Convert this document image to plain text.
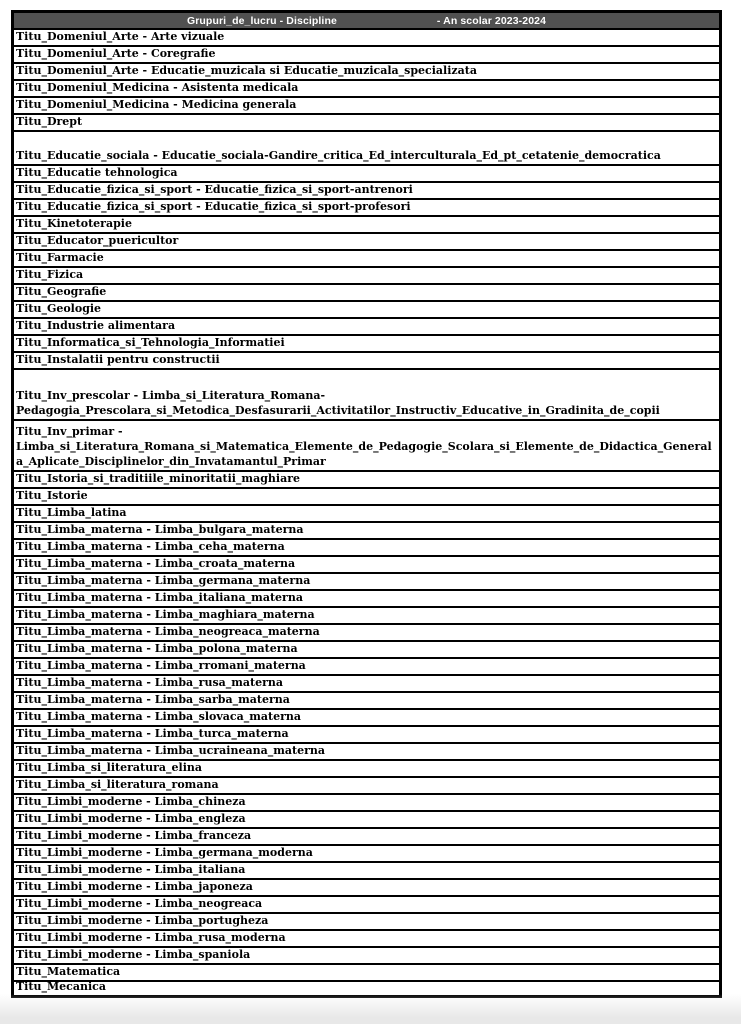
Grupuri_de_lucru - Discipline	- An scolar 2023-2024
Titu_Domeniul_Arte - Arte vizuale
Titu_Domeniul_Arte - Coregrafie
Titu_Domeniul_Arte - Educatie_muzicala si Educatie_muzicala_specializata
Titu_Domeniul_Medicina - Asistenta medicala
Titu_Domeniul_Medicina - Medicina generala
Titu_Drept
Titu_Educatie_sociala - Educatie_sociala-Gandire_critica_Ed_interculturala_Ed_pt_cetatenie_democratica
Titu_Educatie tehnologica
Titu_Educatie_fizica_si_sport - Educatie_fizica_si_sport-antrenori
Titu_Educatie_fizica_si_sport - Educatie_fizica_si_sport-profesori
Titu_Kinetoterapie
Titu_Educator_puericultor
Titu_Farmacie
Titu_Fizica
Titu_Geografie
Titu_Geologie
Titu_Industrie alimentara
Titu_Informatica_si_Tehnologia_Informatiei
Titu_Instalatii pentru constructii
Titu_Inv_prescolar - Limba_si_Literatura_Romana-Pedagogia_Prescolara_si_Metodica_Desfasurarii_Activitatilor_Instructiv_Educative_in_Gradinita_de_copii
Titu_Inv_primar - Limba_si_Literatura_Romana_si_Matematica_Elemente_de_Pedagogie_Scolara_si_Elemente_de_Didactica_Generala_Aplicate_Disciplinelor_din_Invatamantul_Primar
Titu_Istoria_si_traditiile_minoritatii_maghiare
Titu_Istorie
Titu_Limba_latina
Titu_Limba_materna - Limba_bulgara_materna
Titu_Limba_materna - Limba_ceha_materna
Titu_Limba_materna - Limba_croata_materna
Titu_Limba_materna - Limba_germana_materna
Titu_Limba_materna - Limba_italiana_materna
Titu_Limba_materna - Limba_maghiara_materna
Titu_Limba_materna - Limba_neogreaca_materna
Titu_Limba_materna - Limba_polona_materna
Titu_Limba_materna - Limba_rromani_materna
Titu_Limba_materna - Limba_rusa_materna
Titu_Limba_materna - Limba_sarba_materna
Titu_Limba_materna - Limba_slovaca_materna
Titu_Limba_materna - Limba_turca_materna
Titu_Limba_materna - Limba_ucraineana_materna
Titu_Limba_si_literatura_elina
Titu_Limba_si_literatura_romana
Titu_Limbi_moderne - Limba_chineza
Titu_Limbi_moderne - Limba_engleza
Titu_Limbi_moderne - Limba_franceza
Titu_Limbi_moderne - Limba_germana_moderna
Titu_Limbi_moderne - Limba_italiana
Titu_Limbi_moderne - Limba_japoneza
Titu_Limbi_moderne - Limba_neogreaca
Titu_Limbi_moderne - Limba_portugheza
Titu_Limbi_moderne - Limba_rusa_moderna
Titu_Limbi_moderne - Limba_spaniola
Titu_Matematica
Titu_Mecanica
